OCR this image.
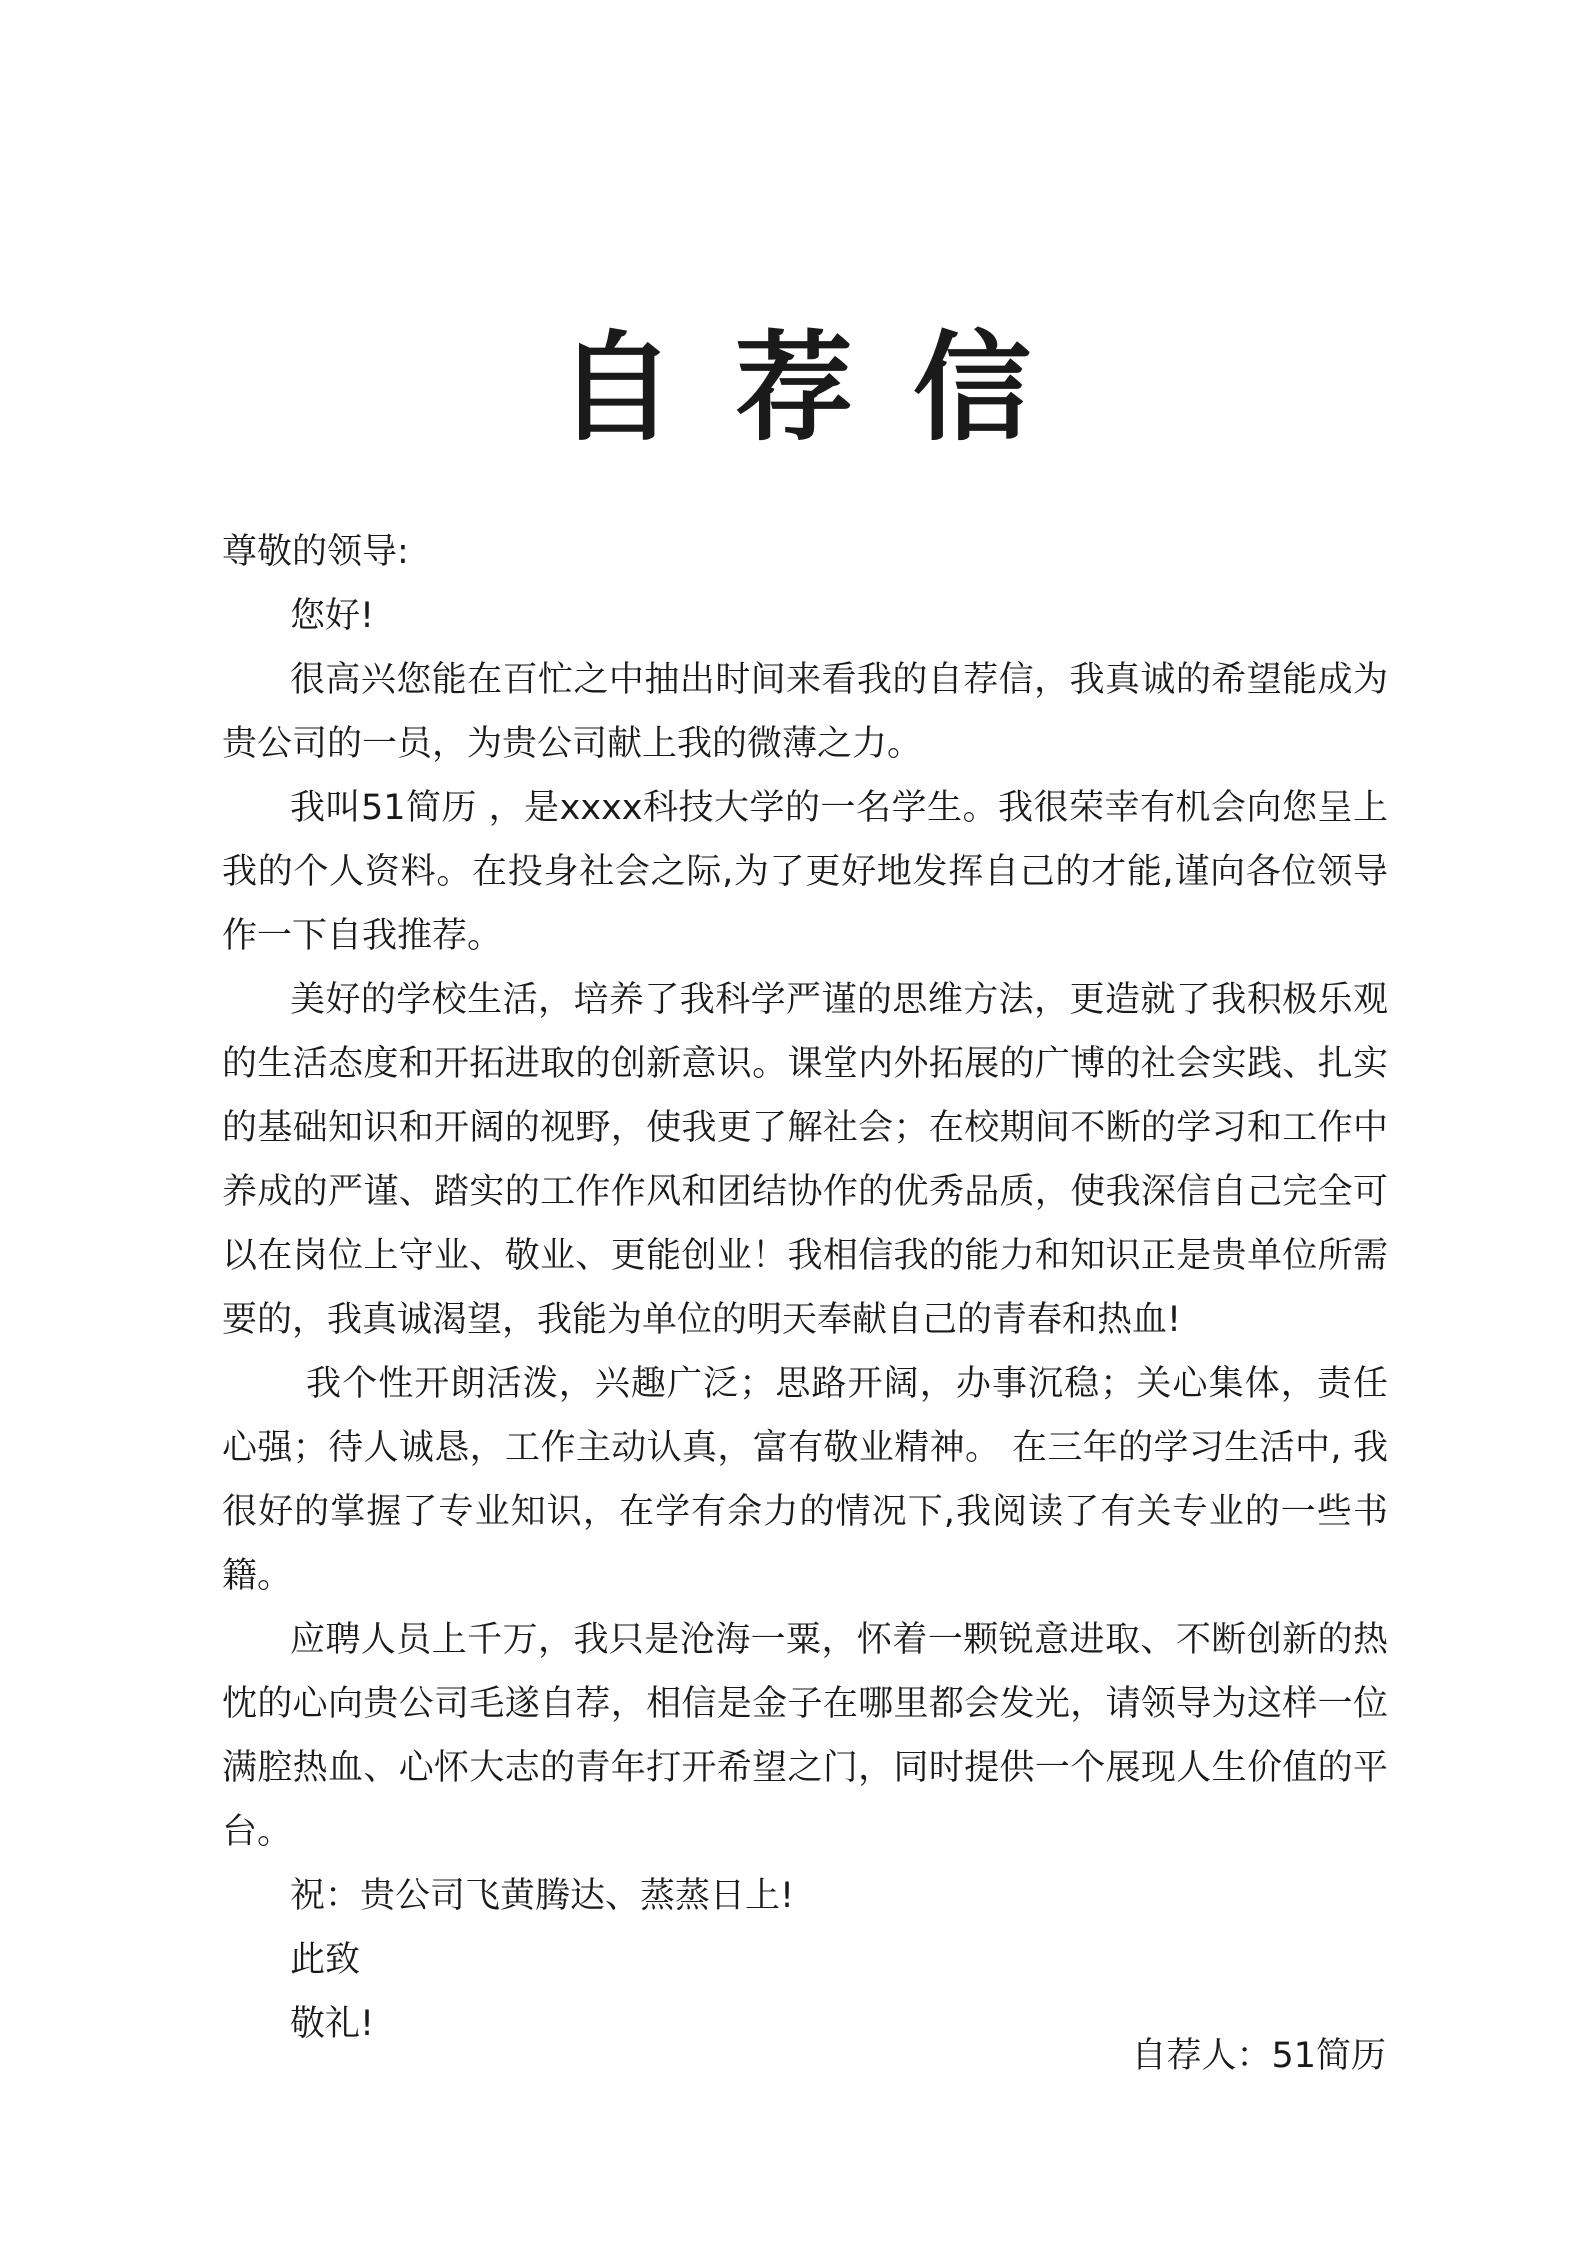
自荐信

尊敬的领导:

您好!

很高兴您能在百忙之中抽出时间来看我的自荐信，我真诚的希望能成为贵公司的一员，为贵公司献上我的微薄之力。

我叫51简历 ，是xxxx科技大学的一名学生。我很荣幸有机会向您呈上我的个人资料。在投身社会之际,为了更好地发挥自己的才能,谨向各位领导作一下自我推荐。

美好的学校生活，培养了我科学严谨的思维方法，更造就了我积极乐观的生活态度和开拓进取的创新意识。课堂内外拓展的广博的社会实践、扎实的基础知识和开阔的视野，使我更了解社会；在校期间不断的学习和工作中养成的严谨、踏实的工作作风和团结协作的优秀品质，使我深信自己完全可以在岗位上守业、敬业、更能创业！我相信我的能力和知识正是贵单位所需要的，我真诚渴望，我能为单位的明天奉献自己的青春和热血!

我个性开朗活泼，兴趣广泛；思路开阔，办事沉稳；关心集体，责任心强；待人诚恳，工作主动认真，富有敬业精神。 在三年的学习生活中, 我很好的掌握了专业知识，在学有余力的情况下,我阅读了有关专业的一些书籍。

应聘人员上千万，我只是沧海一粟，怀着一颗锐意进取、不断创新的热忱的心向贵公司毛遂自荐，相信是金子在哪里都会发光，请领导为这样一位满腔热血、心怀大志的青年打开希望之门，同时提供一个展现人生价值的平台。

祝：贵公司飞黄腾达、蒸蒸日上!

此致

敬礼!

自荐人：51简历
